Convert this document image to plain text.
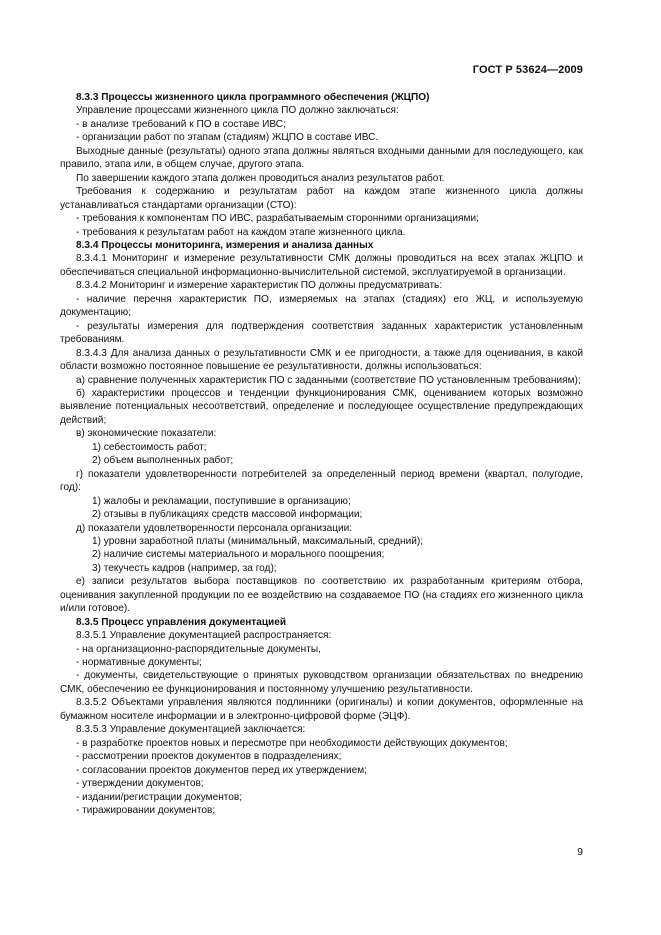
ГОСТ Р 53624—2009

8.3.3 Процессы жизненного цикла программного обеспечения (ЖЦПО)

Управление процессами жизненного цикла ПО должно заключаться:

- в анализе требований к ПО в составе ИВС;

- организации работ по этапам (стадиям) ЖЦПО в составе ИВС.

Выходные данные (результаты) одного этапа должны являться входными данными для последующего, как правило, этапа или, в общем случае, другого этапа.

По завершении каждого этапа должен проводиться анализ результатов работ.

Требования к содержанию и результатам работ на каждом этапе жизненного цикла должны устанавливаться стандартами организации (СТО):

- требования к компонентам ПО ИВС, разрабатываемым сторонними организациями;

- требования к результатам работ на каждом этапе жизненного цикла.

8.3.4 Процессы мониторинга, измерения и анализа данных

8.3.4.1 Мониторинг и измерение результативности СМК должны проводиться на всех этапах ЖЦПО и обеспечиваться специальной информационно-вычислительной системой, эксплуатируемой в организации.

8.3.4.2 Мониторинг и измерение характеристик ПО должны предусматривать:

- наличие перечня характеристик ПО, измеряемых на этапах (стадиях) его ЖЦ, и используемую документацию;

- результаты измерения для подтверждения соответствия заданных характеристик установленным требованиям.

8.3.4.3 Для анализа данных о результативности СМК и ее пригодности, а также для оценивания, в какой области возможно постоянное повышение ее результативности, должны использоваться:

а) сравнение полученных характеристик ПО с заданными (соответствие ПО установленным требованиям);

б) характеристики процессов и тенденции функционирования СМК, оцениванием которых возможно выявление потенциальных несоответствий, определение и последующее осуществление предупреждающих действий;

в) экономические показатели:

1) себестоимость работ;

2) объем выполненных работ;

г) показатели удовлетворенности потребителей за определенный период времени (квартал, полугодие, год):

1) жалобы и рекламации, поступившие в организацию;

2) отзывы в публикациях средств массовой информации;

д) показатели удовлетворенности персонала организации:

1) уровни заработной платы (минимальный, максимальный, средний);

2) наличие системы материального и морального поощрения;

3) текучесть кадров (например, за год);

е) записи результатов выбора поставщиков по соответствию их разработанным критериям отбора, оценивания закупленной продукции по ее воздействию на создаваемое ПО (на стадиях его жизненного цикла и/или готовое).

8.3.5 Процесс управления документацией

8.3.5.1 Управление документацией распространяется:

- на организационно-распорядительные документы,

- нормативные документы;

- документы, свидетельствующие о принятых руководством организации обязательствах по внедрению СМК, обеспечению ее функционирования и постоянному улучшению результативности.

8.3.5.2 Объектами управления являются подлинники (оригиналы) и копии документов, оформленные на бумажном носителе информации и в электронно-цифровой форме (ЭЦФ).

8.3.5.3 Управление документацией заключается:

- в разработке проектов новых и пересмотре при необходимости действующих документов;

- рассмотрении проектов документов в подразделениях;

- согласовании проектов документов перед их утверждением;

- утверждении документов;

- издании/регистрации документов;

- тиражировании документов;

9
